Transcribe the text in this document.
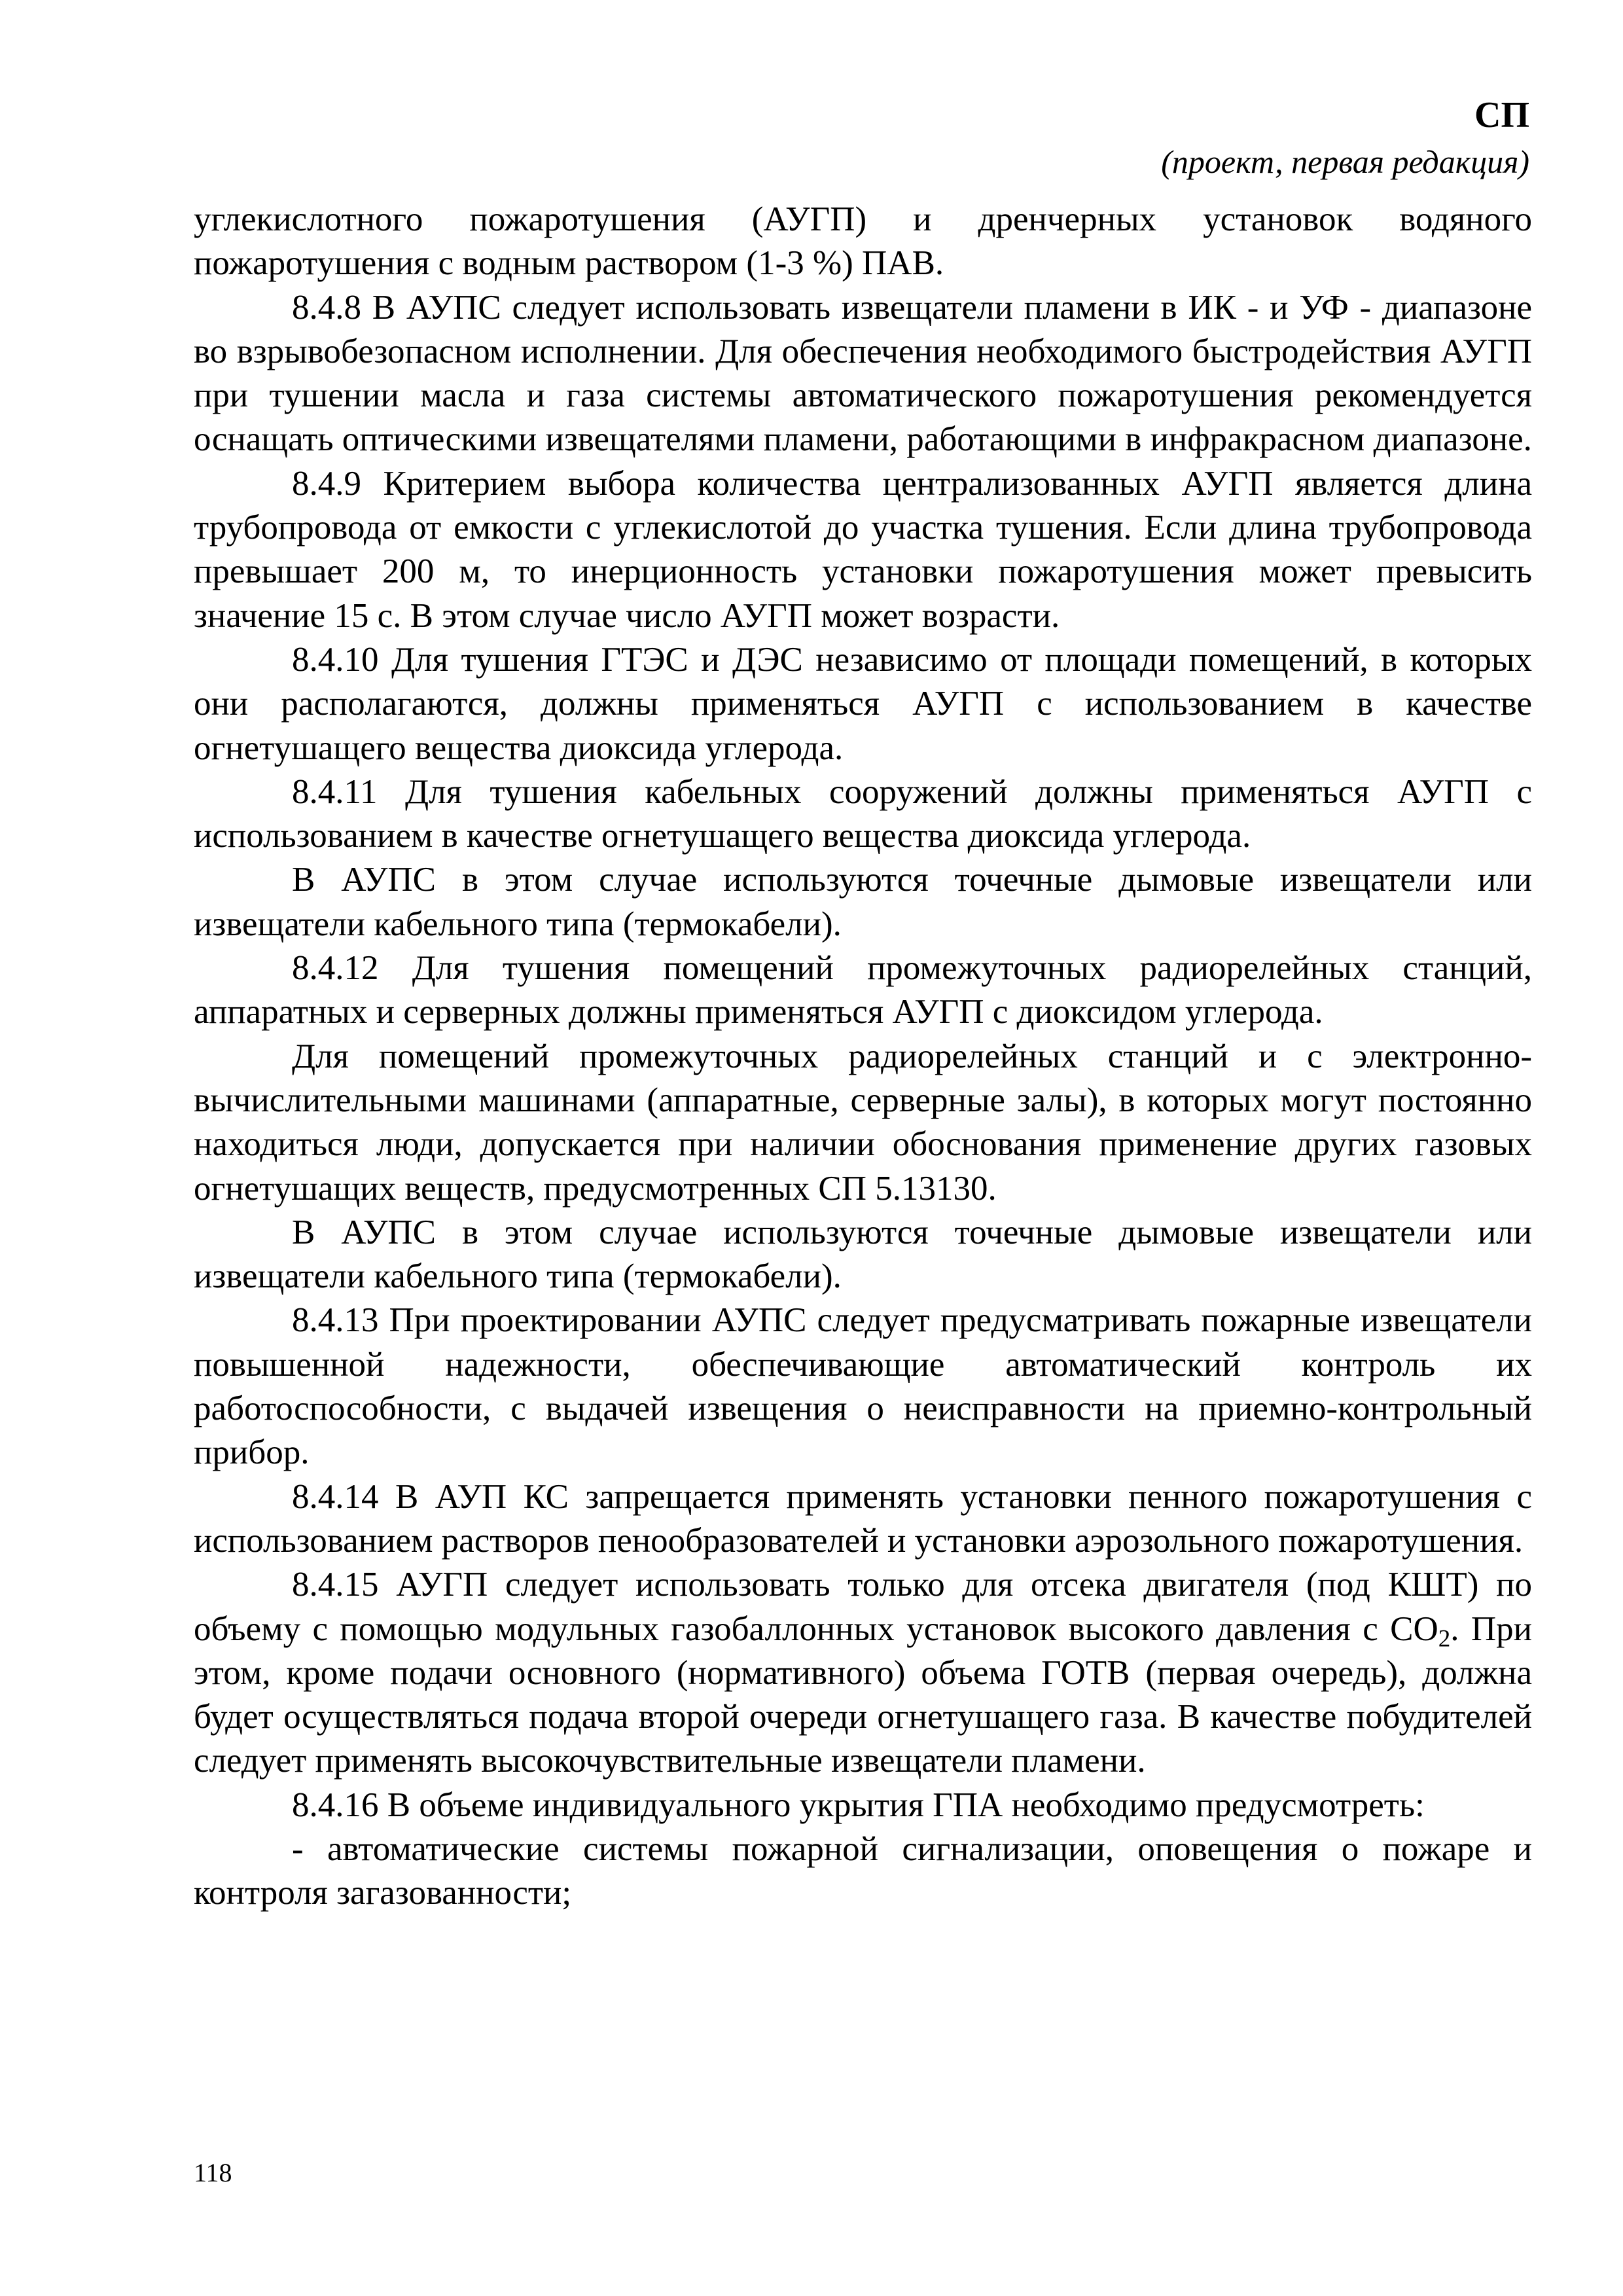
СП
(проект, первая редакция)

углекислотного пожаротушения (АУГП) и дренчерных установок водяного пожаротушения с водным раствором (1-3 %) ПАВ.

8.4.8 В АУПС следует использовать извещатели пламени в ИК - и УФ - диапазоне во взрывобезопасном исполнении. Для обеспечения необходимого быстродействия АУГП при тушении масла и газа системы автоматического пожаротушения рекомендуется оснащать оптическими извещателями пламени, работающими в инфракрасном диапазоне.

8.4.9 Критерием выбора количества централизованных АУГП является длина трубопровода от емкости с углекислотой до участка тушения. Если длина трубопровода превышает 200 м, то инерционность установки пожаротушения может превысить значение 15 с. В этом случае число АУГП может возрасти.

8.4.10 Для тушения ГТЭС и ДЭС независимо от площади помещений, в которых они располагаются, должны применяться АУГП с использованием в качестве огнетушащего вещества диоксида углерода.

8.4.11 Для тушения кабельных сооружений должны применяться АУГП с использованием в качестве огнетушащего вещества диоксида углерода.

В АУПС в этом случае используются точечные дымовые извещатели или извещатели кабельного типа (термокабели).

8.4.12 Для тушения помещений промежуточных радиорелейных станций, аппаратных и серверных должны применяться АУГП с диоксидом углерода.

Для помещений промежуточных радиорелейных станций и с электронно-вычислительными машинами (аппаратные, серверные залы), в которых могут постоянно находиться люди, допускается при наличии обоснования применение других газовых огнетушащих веществ, предусмотренных СП 5.13130.

В АУПС в этом случае используются точечные дымовые извещатели или извещатели кабельного типа (термокабели).

8.4.13 При проектировании АУПС следует предусматривать пожарные извещатели повышенной надежности, обеспечивающие автоматический контроль их работоспособности, с выдачей извещения о неисправности на приемно-контрольный прибор.

8.4.14 В АУП КС запрещается применять установки пенного пожаротушения с использованием растворов пенообразователей и установки аэрозольного пожаротушения.

8.4.15 АУГП следует использовать только для отсека двигателя (под КШТ) по объему с помощью модульных газобаллонных установок высокого давления с $СО_2$. При этом, кроме подачи основного (нормативного) объема ГОТВ (первая очередь), должна будет осуществляться подача второй очереди огнетушащего газа. В качестве побудителей следует применять высокочувствительные извещатели пламени.

8.4.16 В объеме индивидуального укрытия ГПА необходимо предусмотреть:

- автоматические системы пожарной сигнализации, оповещения о пожаре и контроля загазованности;

118
